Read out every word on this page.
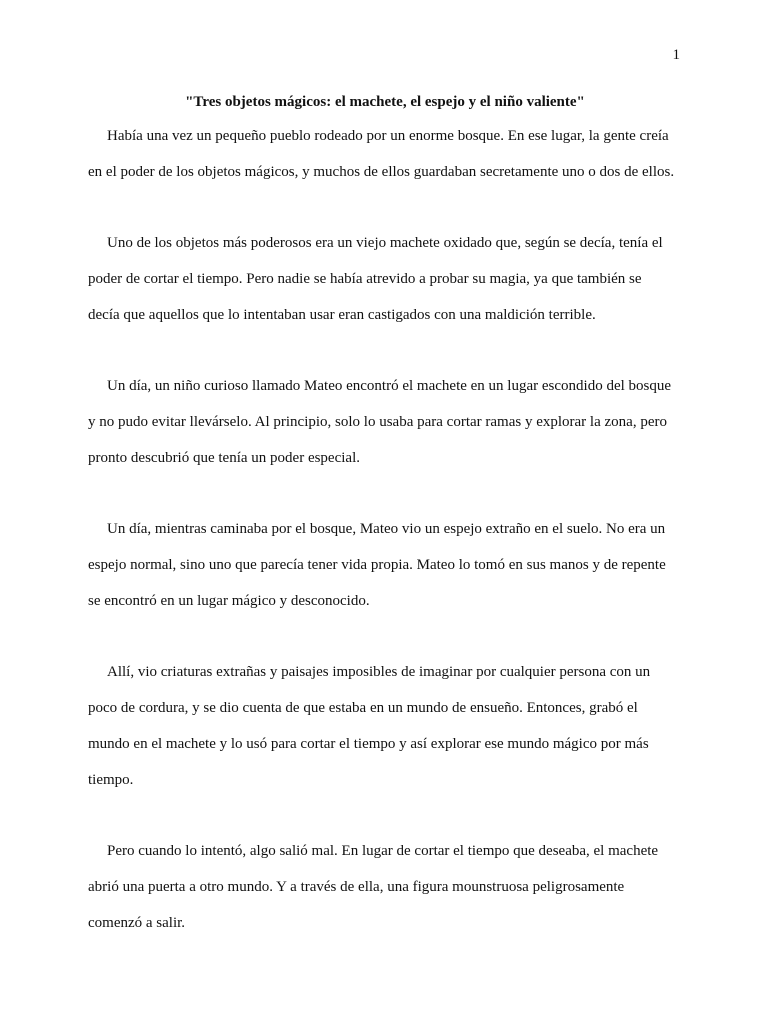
1
"Tres objetos mágicos: el machete, el espejo y el niño valiente"

Había una vez un pequeño pueblo rodeado por un enorme bosque. En ese lugar, la gente creía
en el poder de los objetos mágicos, y muchos de ellos guardaban secretamente uno o dos de ellos.

Uno de los objetos más poderosos era un viejo machete oxidado que, según se decía, tenía el
poder de cortar el tiempo. Pero nadie se había atrevido a probar su magia, ya que también se
decía que aquellos que lo intentaban usar eran castigados con una maldición terrible.

Un día, un niño curioso llamado Mateo encontró el machete en un lugar escondido del bosque
y no pudo evitar llevárselo. Al principio, solo lo usaba para cortar ramas y explorar la zona, pero
pronto descubrió que tenía un poder especial.

Un día, mientras caminaba por el bosque, Mateo vio un espejo extraño en el suelo. No era un
espejo normal, sino uno que parecía tener vida propia. Mateo lo tomó en sus manos y de repente
se encontró en un lugar mágico y desconocido.

Allí, vio criaturas extrañas y paisajes imposibles de imaginar por cualquier persona con un
poco de cordura, y se dio cuenta de que estaba en un mundo de ensueño. Entonces, grabó el
mundo en el machete y lo usó para cortar el tiempo y así explorar ese mundo mágico por más
tiempo.

Pero cuando lo intentó, algo salió mal. En lugar de cortar el tiempo que deseaba, el machete
abrió una puerta a otro mundo. Y a través de ella, una figura mounstruosa peligrosamente
comenzó a salir.
